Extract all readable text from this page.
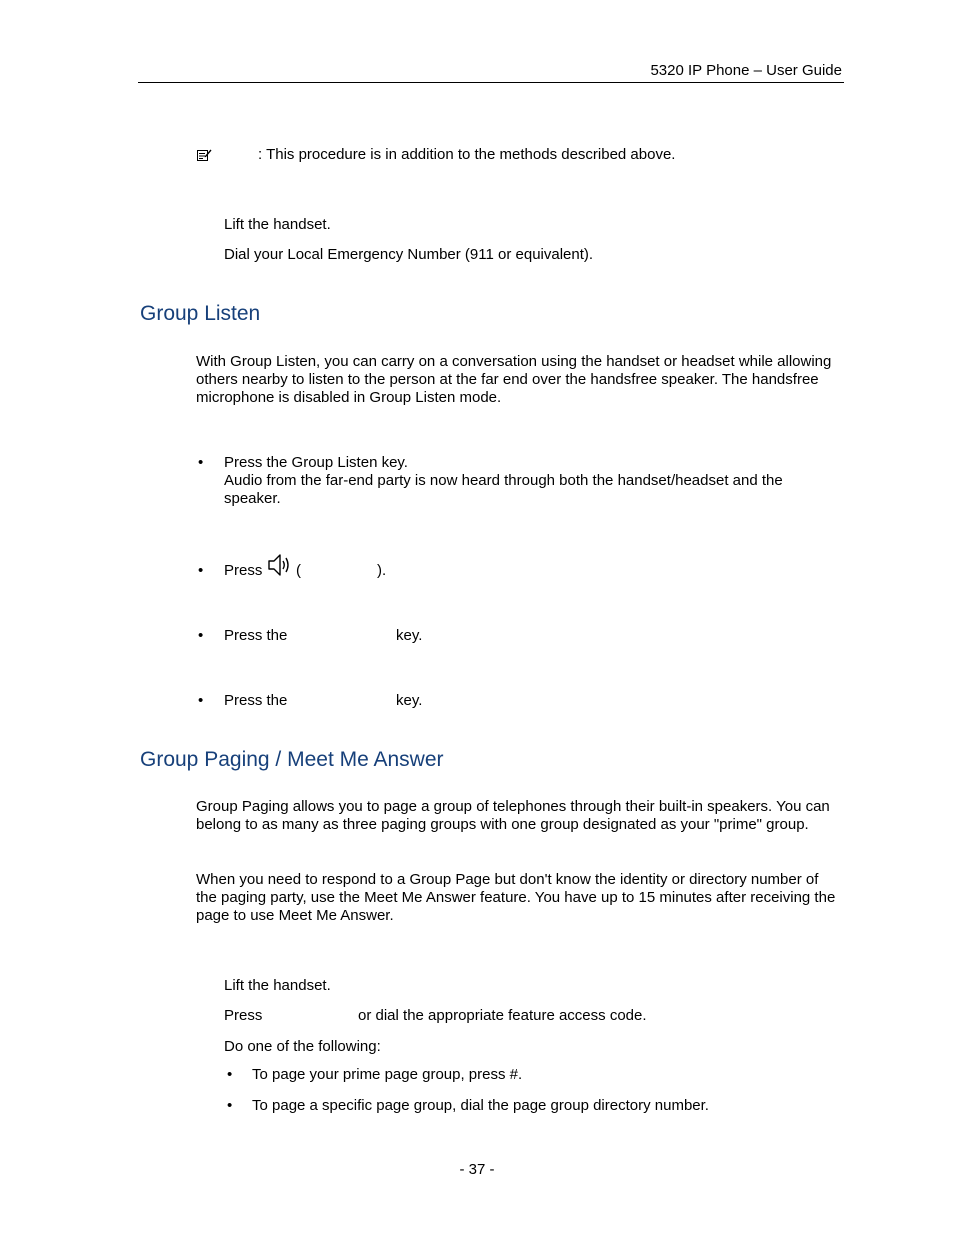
5320 IP Phone – User Guide
: This procedure is in addition to the methods described above.
Lift the handset.
Dial your Local Emergency Number (911 or equivalent).
Group Listen
With Group Listen, you can carry on a conversation using the handset or headset while allowing others nearby to listen to the person at the far end over the handsfree speaker. The handsfree microphone is disabled in Group Listen mode.
•	Press the Group Listen key.
Audio from the far-end party is now heard through both the handset/headset and the speaker.
•	Press (	).
•	Press the	key.
•	Press the	key.
Group Paging / Meet Me Answer
Group Paging allows you to page a group of telephones through their built-in speakers. You can belong to as many as three paging groups with one group designated as your "prime" group.
When you need to respond to a Group Page but don't know the identity or directory number of the paging party, use the Meet Me Answer feature. You have up to 15 minutes after receiving the page to use Meet Me Answer.
Lift the handset.
Press	or dial the appropriate feature access code.
Do one of the following:
•	To page your prime page group, press #.
•	To page a specific page group, dial the page group directory number.
- 37 -
